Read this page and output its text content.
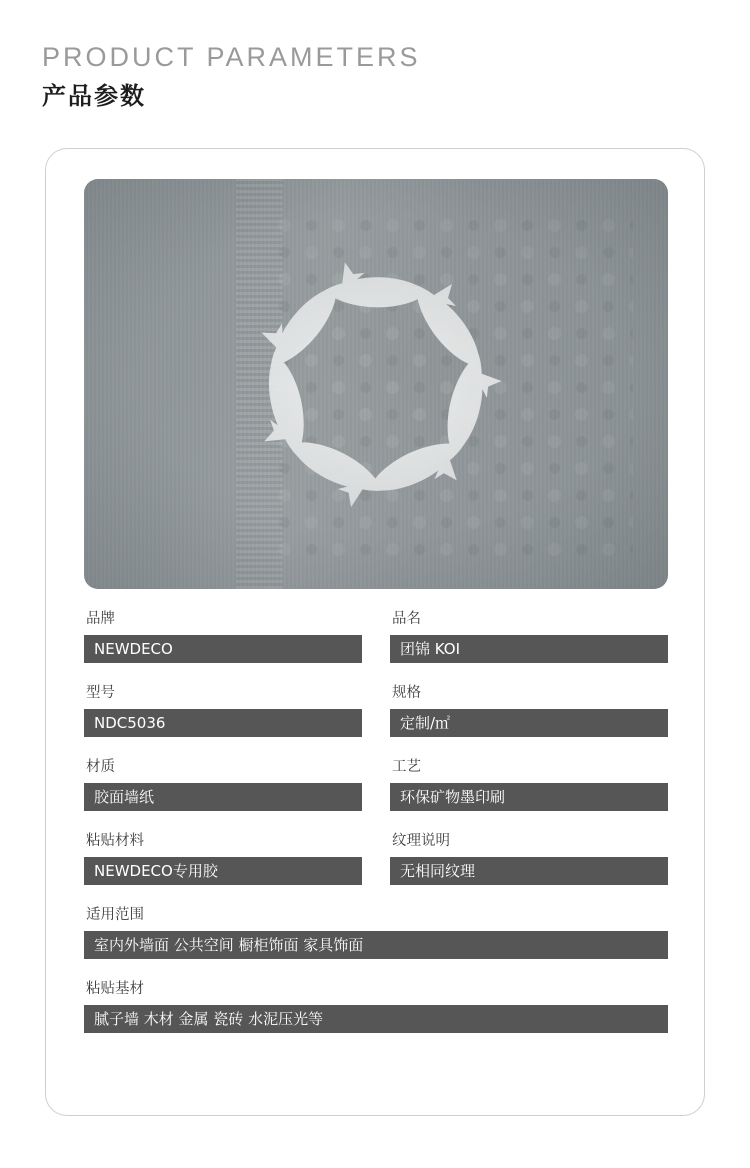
PRODUCT PARAMETERS
产品参数
品牌
NEWDECO
品名
团锦 KOI
型号
NDC5036
规格
定制/㎡
材质
胶面墙纸
工艺
环保矿物墨印刷
粘贴材料
NEWDECO专用胶
纹理说明
无相同纹理
适用范围
室内外墙面 公共空间 橱柜饰面 家具饰面
粘贴基材
腻子墙 木材 金属 瓷砖 水泥压光等
